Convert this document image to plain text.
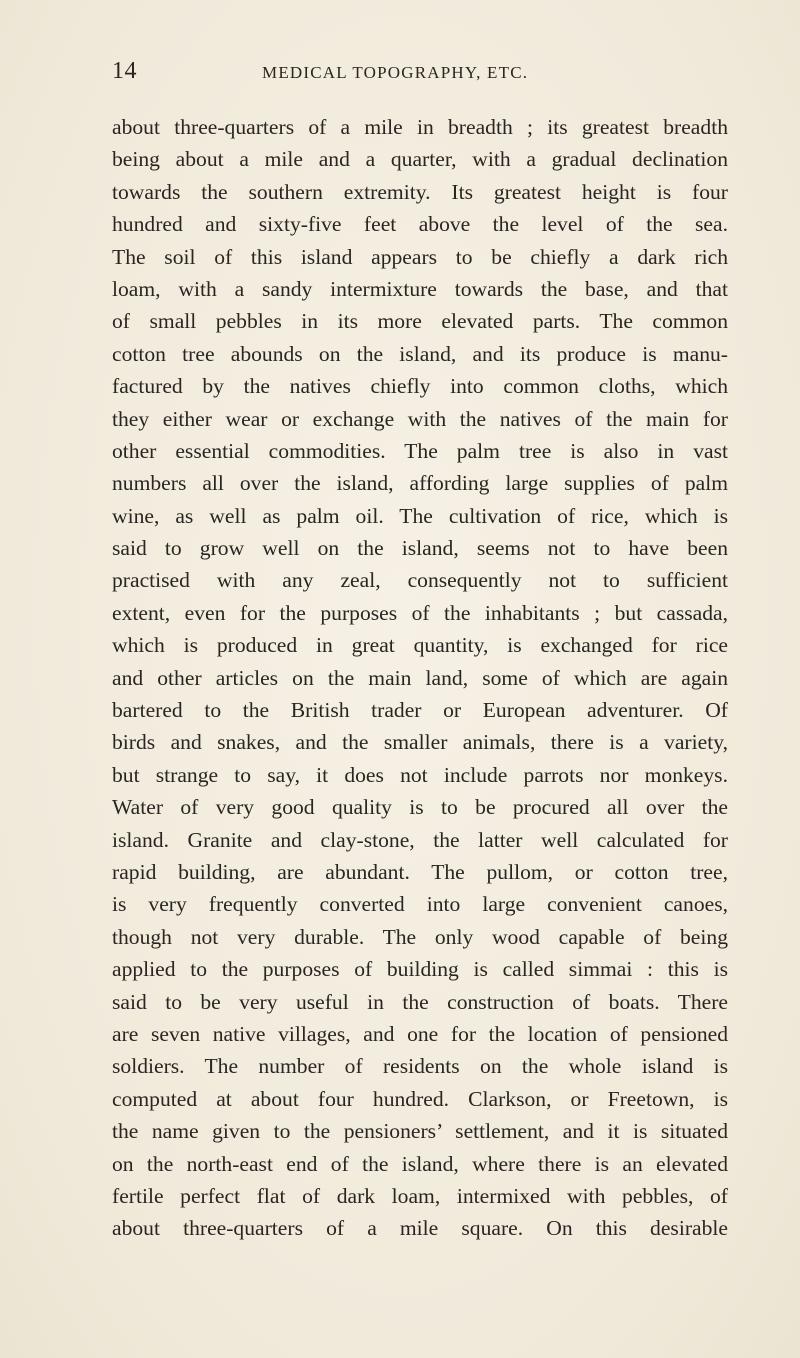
14	MEDICAL TOPOGRAPHY, ETC.
about three-quarters of a mile in breadth ; its greatest breadth
being about a mile and a quarter, with a gradual declination
towards the southern extremity. Its greatest height is four
hundred and sixty-five feet above the level of the sea.
The soil of this island appears to be chiefly a dark rich
loam, with a sandy intermixture towards the base, and that
of small pebbles in its more elevated parts. The common
cotton tree abounds on the island, and its produce is manu-
factured by the natives chiefly into common cloths, which
they either wear or exchange with the natives of the main for
other essential commodities. The palm tree is also in vast
numbers all over the island, affording large supplies of palm
wine, as well as palm oil. The cultivation of rice, which is
said to grow well on the island, seems not to have been
practised with any zeal, consequently not to sufficient
extent, even for the purposes of the inhabitants ; but cassada,
which is produced in great quantity, is exchanged for rice
and other articles on the main land, some of which are again
bartered to the British trader or European adventurer. Of
birds and snakes, and the smaller animals, there is a variety,
but strange to say, it does not include parrots nor monkeys.
Water of very good quality is to be procured all over the
island. Granite and clay-stone, the latter well calculated for
rapid building, are abundant. The pullom, or cotton tree,
is very frequently converted into large convenient canoes,
though not very durable. The only wood capable of being
applied to the purposes of building is called simmai : this is
said to be very useful in the construction of boats. There
are seven native villages, and one for the location of pensioned
soldiers. The number of residents on the whole island is
computed at about four hundred. Clarkson, or Freetown, is
the name given to the pensioners’ settlement, and it is situated
on the north-east end of the island, where there is an elevated
fertile perfect flat of dark loam, intermixed with pebbles, of
about three-quarters of a mile square. On this desirable
